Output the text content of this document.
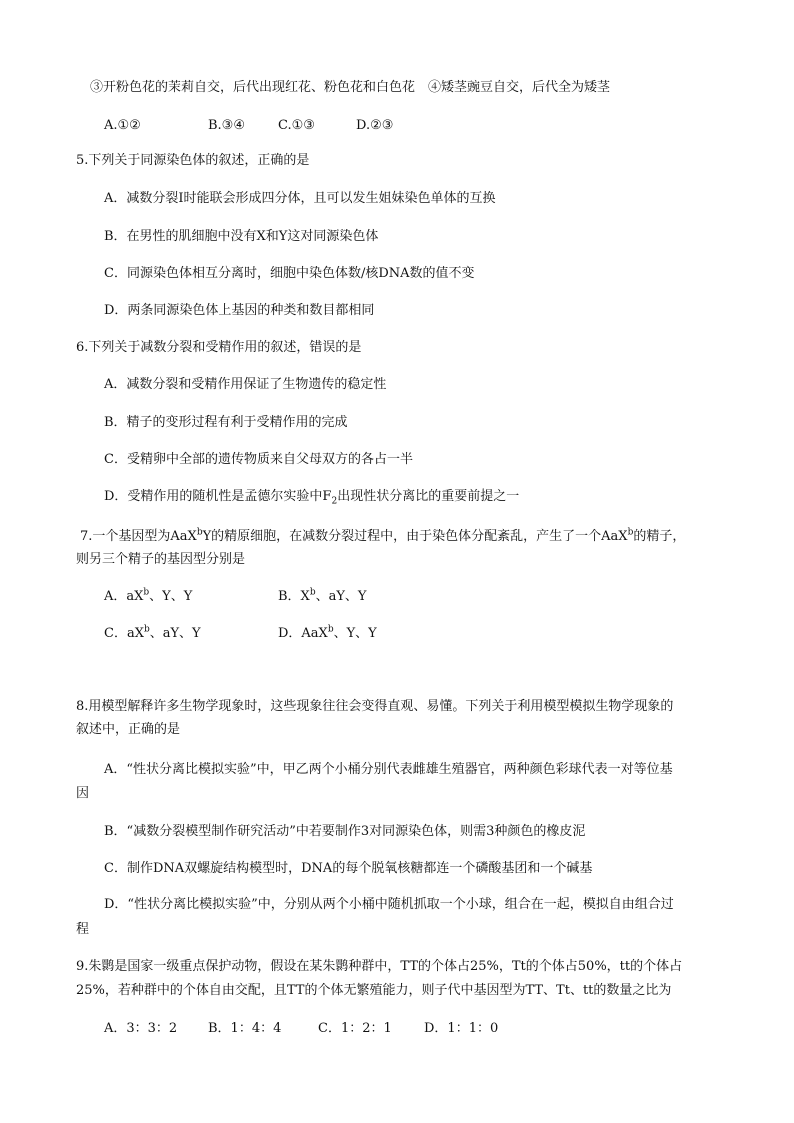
③开粉色花的茉莉自交，后代出现红花、粉色花和白色花　④矮茎豌豆自交，后代全为矮茎
A.①②	B.③④	C.①③	D.②③
5.下列关于同源染色体的叙述，正确的是
A．减数分裂Ⅰ时能联会形成四分体，且可以发生姐妹染色单体的互换
B．在男性的肌细胞中没有X和Y这对同源染色体
C．同源染色体相互分离时，细胞中染色体数/核DNA数的值不变
D．两条同源染色体上基因的种类和数目都相同
6.下列关于减数分裂和受精作用的叙述，错误的是
A．减数分裂和受精作用保证了生物遗传的稳定性
B．精子的变形过程有利于受精作用的完成
C．受精卵中全部的遗传物质来自父母双方的各占一半
D．受精作用的随机性是孟德尔实验中$F_2$出现性状分离比的重要前提之一
7.一个基因型为AaX$^b$Y的精原细胞，在减数分裂过程中，由于染色体分配紊乱，产生了一个AaX$^b$的精子，
则另三个精子的基因型分别是
A．$aX^b$、Y、Y	B．$X^b$、aY、Y
C．$aX^b$、aY、Y	D．AaX$^b$、Y、Y
8.用模型解释许多生物学现象时，这些现象往往会变得直观、易懂。下列关于利用模型模拟生物学现象的
叙述中，正确的是
A．“性状分离比模拟实验”中，甲乙两个小桶分别代表雌雄生殖器官，两种颜色彩球代表一对等位基
因
B．“减数分裂模型制作研究活动”中若要制作3对同源染色体，则需3种颜色的橡皮泥
C．制作DNA双螺旋结构模型时，DNA的每个脱氧核糖都连一个磷酸基团和一个碱基
D．“性状分离比模拟实验”中，分别从两个小桶中随机抓取一个小球，组合在一起，模拟自由组合过
程
9.朱鹮是国家一级重点保护动物，假设在某朱鹮种群中，TT的个体占25%，Tt的个体占50%，tt的个体占
25%，若种群中的个体自由交配，且TT的个体无繁殖能力，则子代中基因型为TT、Tt、tt的数量之比为
A．3：3：2 B．1：4：4	C．1：2：1 D．1：1：0
